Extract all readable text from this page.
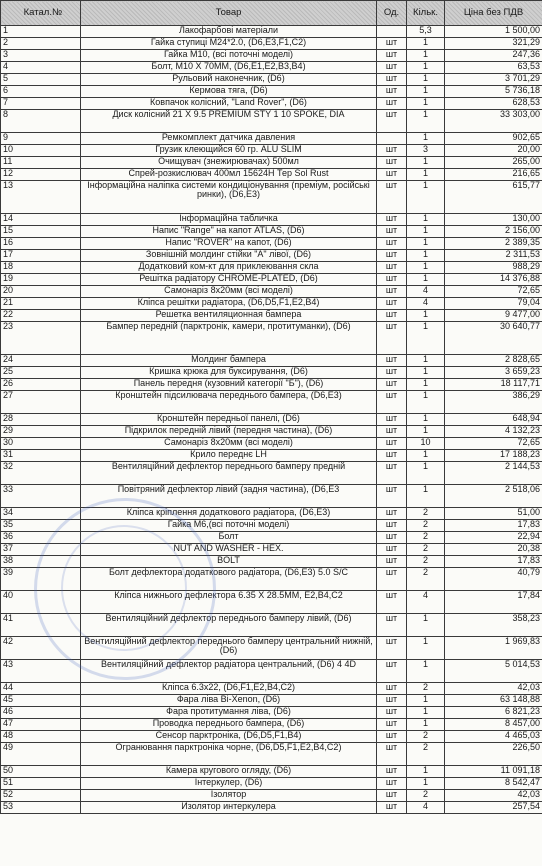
Катал.№	Товар	Од.	Кільк.	Ціна без ПДВ
1	Лакофарбові матеріали		5,3	1 500,00
2	Гайка ступиці M24*2.0, (D6,E3,F1,C2)	шт	1	321,29
3	Гайка M10, (всі поточні моделі)	шт	1	247,36
4	Болт, M10 X 70MM, (D6,E1,E2,B3,B4)	шт	1	63,53
5	Рульовий наконечник, (D6)	шт	1	3 701,29
6	Кермова тяга, (D6)	шт	1	5 736,18
7	Ковпачок колісний, "Land Rover", (D6)	шт	1	628,53
8	Диск колісний 21 X 9.5 PREMIUM STY 1 10 SPOKE, DIA	шт	1	33 303,00
9	Ремкомплект датчика давления		1	902,65
10	Грузик клеющийся 60 гр. ALU SLIM	шт	3	20,00
11	Очищувач (знежирювачах) 500мл	шт	1	265,00
12	Спрей-розкислювач 400мл 15624H Тер Sol Rust	шт	1	216,65
13	Інформаційна наліпка системи кондиціонування (преміум, російські ринки), (D6,E3)	шт	1	615,77
14	Інформаційна табличка	шт	1	130,00
15	Напис "Range" на капот ATLAS, (D6)	шт	1	2 156,00
16	Напис "ROVER" на капот, (D6)	шт	1	2 389,35
17	Зовнішній молдинг стійки "A" лівої, (D6)	шт	1	2 311,53
18	Додатковий ком-кт для приклеювання скла	шт	1	988,29
19	Решітка радіатору CHROME-PLATED, (D6)	шт	1	14 376,88
20	Самонаріз 8x20мм (всі моделі)	шт	4	72,65
21	Кліпса решітки радіатора, (D6,D5,F1,E2,B4)	шт	4	79,04
22	Решетка вентиляционная бампера	шт	1	9 477,00
23	Бампер передній (парктронік, камери, протитуманки), (D6)	шт	1	30 640,77
24	Молдинг бампера	шт	1	2 828,65
25	Кришка крюка для буксирування, (D6)	шт	1	3 659,23
26	Панель передня (кузовний категорії "Б"), (D6)	шт	1	18 117,71
27	Кронштейн підсилювача переднього бампера, (D6,E3)	шт	1	386,29
28	Кронштейн передньої панелі, (D6)	шт	1	648,94
29	Підкрилок передній лівий (передня частина), (D6)	шт	1	4 132,23
30	Самонаріз 8x20мм (всі моделі)	шт	10	72,65
31	Крило переднє LH	шт	1	17 188,23
32	Вентиляційний дефлектор переднього бамперу предній	шт	1	2 144,53
33	Повітряний дефлектор лівий (задня частина), (D6,E3	шт	1	2 518,06
34	Кліпса кріплення додаткового радіатора, (D6,E3)	шт	2	51,00
35	Гайка M6,(всі поточні моделі)	шт	2	17,83
36	Болт	шт	2	22,94
37	NUT AND WASHER - HEX.	шт	2	20,38
38	BOLT	шт	2	17,83
39	Болт дефлектора додаткового радіатора, (D6,E3) 5.0 S/C	шт	2	40,79
40	Кліпса нижнього дефлектора 6.35 X 28.5MM, E2,B4,C2	шт	4	17,84
41	Вентиляційний дефлектор переднього бамперу лівий, (D6)	шт	1	358,23
42	Вентиляційний дефлектор переднього бамперу центральний нижній, (D6)	шт	1	1 969,83
43	Вентиляційний дефлектор радіатора центральний, (D6) 4 4D	шт	1	5 014,53
44	Кліпса 6.3x22, (D6,F1,E2,B4,C2)	шт	2	42,03
45	Фара ліва Bi-Xenon, (D6)	шт	1	63 148,88
46	Фара протитумання ліва, (D6)	шт	1	6 821,23
47	Проводка переднього бампера, (D6)	шт	1	8 457,00
48	Сенсор парктроніка, (D6,D5,F1,B4)	шт	2	4 465,03
49	Огранювання парктроніка чорне, (D6,D5,F1,E2,B4,C2)	шт	2	226,50
50	Камера кругового огляду, (D6)	шт	1	11 091,18
51	Інтеркулер, (D6)	шт	1	8 542,47
52	Ізолятор	шт	2	42,03
53	Изолятор интеркулера	шт	4	257,54
